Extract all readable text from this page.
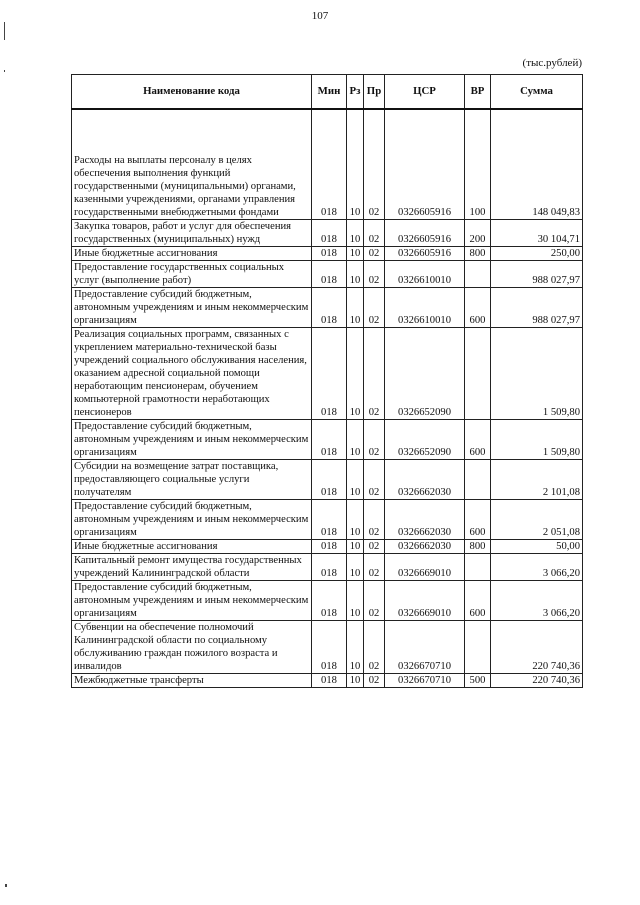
107
(тыс.рублей)
Наименование кода	Мин	Рз	Пр	ЦСР	ВР	Сумма

Расходы на выплаты персоналу в целях обеспечения выполнения функций государственными (муниципальными) органами, казенными учреждениями, органами управления государственными внебюджетными фондами	018	10	02	0326605916	100	148 049,83
Закупка товаров, работ и услуг для обеспечения государственных (муниципальных) нужд	018	10	02	0326605916	200	30 104,71
Иные бюджетные ассигнования	018	10	02	0326605916	800	250,00
Предоставление государственных социальных услуг (выполнение работ)	018	10	02	0326610010		988 027,97
Предоставление субсидий бюджетным, автономным учреждениям и иным некоммерческим организациям	018	10	02	0326610010	600	988 027,97
Реализация социальных программ, связанных с укреплением материально-технической базы учреждений социального обслуживания населения, оказанием адресной социальной помощи неработающим пенсионерам, обучением компьютерной грамотности неработающих пенсионеров	018	10	02	0326652090		1 509,80
Предоставление субсидий бюджетным, автономным учреждениям и иным некоммерческим организациям	018	10	02	0326652090	600	1 509,80
Субсидии на возмещение затрат поставщика, предоставляющего социальные услуги получателям	018	10	02	0326662030		2 101,08
Предоставление субсидий бюджетным, автономным учреждениям и иным некоммерческим организациям	018	10	02	0326662030	600	2 051,08
Иные бюджетные ассигнования	018	10	02	0326662030	800	50,00
Капитальный ремонт имущества государственных учреждений Калининградской области	018	10	02	0326669010		3 066,20
Предоставление субсидий бюджетным, автономным учреждениям и иным некоммерческим организациям	018	10	02	0326669010	600	3 066,20
Субвенции на обеспечение полномочий Калининградской области по социальному обслуживанию граждан пожилого возраста и инвалидов	018	10	02	0326670710		220 740,36
Межбюджетные трансферты	018	10	02	0326670710	500	220 740,36
